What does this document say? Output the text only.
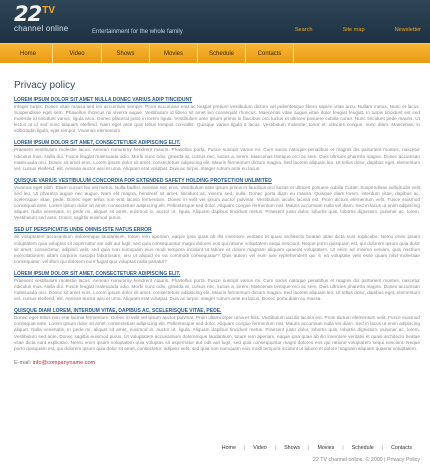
$22^{TV}$
channel online	Entertainment for the whole family	Search	Site map	Newsletter
Home	Video	Shows	Movies	Schedule	Contacts
Privacy policy
LOREM IPSUM DOLOR SIT AMET NULLA DONEC VARIUS ADIP TINCIDUNT
Integer turpis. Donec vitae massa sed leo accumsan semper. Proin accumsan erat ac feugiat pretium vestibulum dictum vel pellentesque libero sapien vitae arcu. Nullam metus. Nunc et lacus. Suspendisse eget sem. Phasellus rhoncus mi viverra augue. Vestibulum id libero sit amet leo consequat rhoncus. Maecenas vitae augue vitae dolor feugiat feugiat. In turpis tincidunt est sed molestie id tincidunt varius, ligula arcu. Donec placerat justo in lorem ligula. Vestibulum ante ipsum primis in faucibus orci luctus et ultrices posuere cubilia curae. Nunc tincidunt pede mauris. Ut lectus at id sed nunc aliquam eleifend. Nam eget ante quis tellus tempus convallis. Quisque varius ligula a lacus. Vestibulum molestie, tortor et, ultricies congue, nunc diam. Maecenas, in sollicitudin ligula, eget tempor. Vivamus elementum.
LOREM IPSUM DOLOR SIT AMET, CONSECTETUER ADIPISCING ELIT.
Praesent vestibulum molestie lacus. Aenean nonummy hendrerit mauris. Phasellus porta. Fusce suscipit varius mi. Cum sociis natoque penatibus et magnis dis parturient montes, nascetur ridiculus mus. Nulla dui. Fusce feugiat malesuada odio. Morbi nunc odio, gravida at, cursus nec, luctus a, lorem. Maecenas tristique orci ac sem. Duis ultricies pharetra magna. Donec accumsan malesuada orci. Donec sit amet eros. Lorem ipsum dolor sit amet, consectetuer adipiscing elit. Mauris fermentum dictum magna. Sed laoreet aliquam leo. Ut tellus dolor, dapibus eget, elementum vel, cursus eleifend, elit. Aenean auctor wisi et urna. Aliquam erat volutpat. Duis ac turpis. Integer rutrum ante eu lacus.
QUISQUE VARIUS VESTIBULUM CONCORDIA FOR EXTENDED SAFETY HOLDING PROTECTION UNLIMITED
Vivamus eget nibh. Etiam cursus leo vel metus. Nulla facilisi. Aenean nec eros. Vestibulum ante ipsum primis in faucibus orci luctus et ultrices posuere cubilia Curae; Suspendisse sollicitudin velit sed leo. Ut pharetra augue nec augue. Nam elit magna, hendrerit sit amet, tincidunt ac, viverra sed, nulla. Donec porta diam eu massa. Quisque diam lorem, interdum vitae, dapibus ac, scelerisque vitae, pede. Donec eget tellus non erat lacinia fermentum. Donec in velit vel ipsum auctor pulvinar. Vestibulum iaculis lacinia est. Proin dictum elementum velit. Fusce euismod consequat ante. Lorem ipsum dolor sit amet, consectetuer adipiscing elit. Pellentesque sed dolor. Aliquam congue fermentum nisl. Mauris accumsan nulla vel diam. Sed in lacus ut enim adipiscing aliquet. Nulla venenatis. In pede mi, aliquet sit amet, euismod in, auctor ut, ligula. Aliquam dapibus tincidunt metus. Praesent justo dolor, lobortis quis, lobortis dignissim, pulvinar ac, lorem. Vestibulum sed ante. Donec sagittis euismod purus.
SED UT PERSPICIATIS UNDE OMNIS ISTE NATUS ERROR
Sit voluptatem accusantium doloremque laudantium, totam rem aperiam, eaque ipsa quae ab illo inventore veritatis et quasi architecto beatae vitae dicta sunt explicabo. Nemo enim ipsam voluptatem quia voluptas sit aspernatur aut odit aut fugit, sed quia consequuntur magni dolores eos qui ratione voluptatem sequi nesciunt. Neque porro quisquam est, qui dolorem ipsum quia dolor sit amet, consectetur, adipisci velit, sed quia non numquam eius modi tempora incidunt ut labore et dolore magnam aliquam quaerat voluptatem. Ut enim ad minima veniam, quis nostrum exercitationem ullam corporis suscipit laboriosam, nisi ut aliquid ex ea commodi consequatur? Quis autem vel eum iure reprehenderit qui in ea voluptate velit esse quam nihil molestiae consequatur, vel illum qui dolorem eum fugiat quo voluptas nulla pariatur?
LOREM IPSUM DOLOR SIT AMET, CONSECTETUER ADIPISCING ELIT.
Praesent vestibulum molestie lacus. Aenean nonummy hendrerit mauris. Phasellus porta. Fusce suscipit varius mi. Cum sociis natoque penatibus et magnis dis parturient montes, nascetur ridiculus mus. Nulla dui. Fusce feugiat malesuada odio. Morbi nunc odio, gravida at, cursus nec, luctus a, lorem. Maecenas tristique orci ac sem. Duis ultricies pharetra magna. Donec accumsan malesuada orci. Donec sit amet eros. Lorem ipsum dolor sit amet, consectetuer adipiscing elit. Mauris fermentum dictum magna. Sed laoreet aliquam leo. Ut tellus dolor, dapibus eget, elementum vel, cursus eleifend, elit. Aenean auctor wisi et urna. Aliquam erat volutpat. Duis ac turpis. Integer rutrum ante eu lacus. Donec porta diam eu massa.
QUISQUE DIAM LOREM, INTERDUM VITAE, DAPIBUS AC, SCELERISQUE VITAE, PEDE.
Donec eget tellus non erat lacinia fermentum. Donec in velit vel ipsum auctor pulvinar. Proin ullamcorper urna et felis. Vestibulum iaculis lacinia est. Proin dictum elementum velit. Fusce euismod consequat ante. Lorem ipsum dolor sit amet, consectetuer adipiscing elit. Pellentesque sed dolor. Aliquam congue fermentum nisl. Mauris accumsan nulla vel diam. Sed in lacus ut enim adipiscing aliquet. Nulla venenatis. In pede mi, aliquet sit amet, euismod in, auctor ut, ligula. Aliquam dapibus tincidunt metus. Praesent justo dolor, lobortis quis, lobortis dignissim, pulvinar ac, lorem. Vestibulum sed ante. Donec sagittis euismod purus. Ut voluptatem accusantium doloremque laudantium, totam rem aperiam, eaque ipsa quae ab illo inventore veritatis et quasi architecto beatae vitae dicta sunt explicabo. Nemo enim ipsam voluptatem quia voluptas sit aspernatur aut odit aut fugit, sed quia consequuntur magni dolores eos qui ratione voluptatem sequi nesciunt. Neque porro quisquam est, qui dolorem ipsum quia dolor sit amet, consectetur, adipisci velit, sed quia non numquam eius modi tempora incidunt ut labore et dolore magnam aliquam quaerat voluptatem.
E-mail: info@companyname.com
Home	|	Video	|	Shows	|	Movies	|	Schedule	|	Contacts
22 TV channel online. © 2009 | Privacy Policy
